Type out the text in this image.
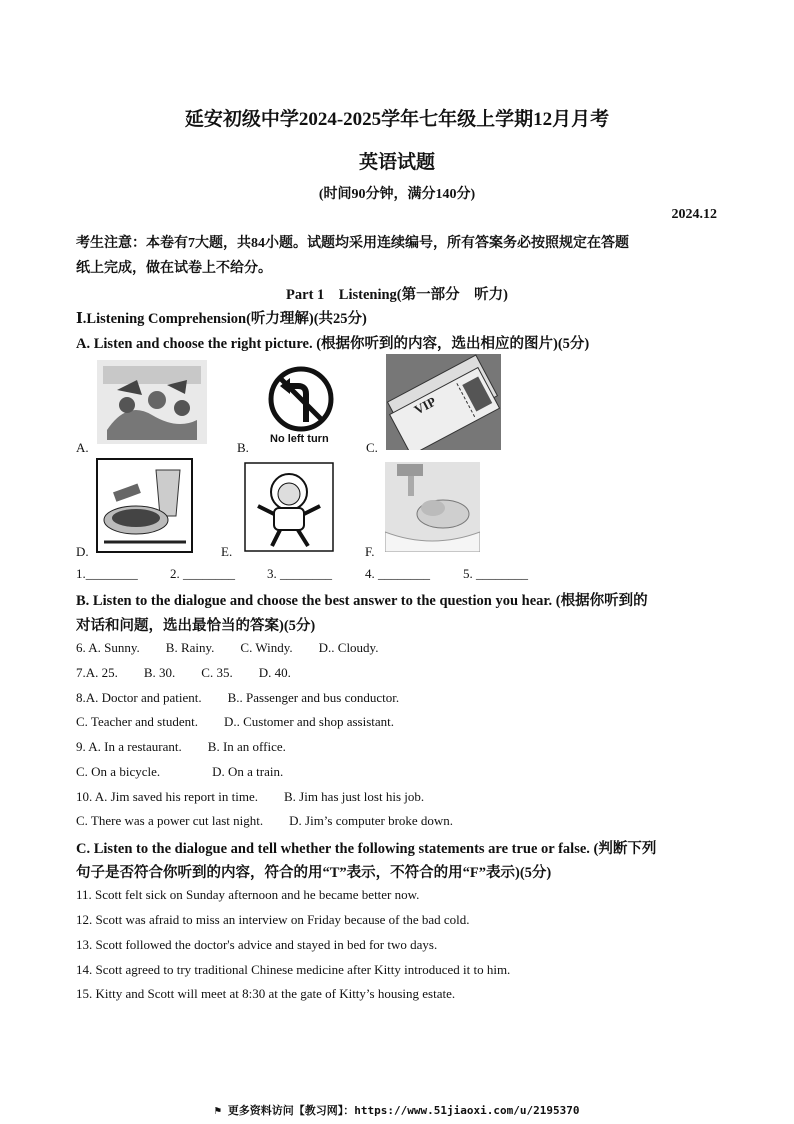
延安初级中学2024-2025学年七年级上学期12月月考
英语试题
(时间90分钟，满分140分)
2024.12
考生注意：本卷有7大题，共84小题。试题均采用连续编号，所有答案务必按照规定在答题
纸上完成，做在试卷上不给分。
Part 1    Listening(第一部分    听力)
Ⅰ.Listening Comprehension(听力理解)(共25分)
A. Listen and choose the right picture. (根据你听到的内容，选出相应的图片)(5分)
A.	B.
No left turn
C.
VIP
D.	E.	F.
1.________ 2. ________ 3. ________	4. ________	5. ________
B. Listen to the dialogue and choose the best answer to the question you hear. (根据你听到的
对话和问题，选出最恰当的答案)(5分)
6. A. Sunny.        B. Rainy.        C. Windy.        D.. Cloudy.
7.A. 25.        B. 30.        C. 35.        D. 40.
8.A. Doctor and patient.        B.. Passenger and bus conductor.
C. Teacher and student.        D.. Customer and shop assistant.
9. A. In a restaurant.        B. In an office.
C. On a bicycle.                D. On a train.
10. A. Jim saved his report in time.        B. Jim has just lost his job.
C. There was a power cut last night.        D. Jim’s computer broke down.
C. Listen to the dialogue and tell whether the following statements are true or false. (判断下列
句子是否符合你听到的内容，符合的用“T”表示，不符合的用“F”表示)(5分)
11. Scott felt sick on Sunday afternoon and he became better now.
12. Scott was afraid to miss an interview on Friday because of the bad cold.
13. Scott followed the doctor's advice and stayed in bed for two days.
14. Scott agreed to try traditional Chinese medicine after Kitty introduced it to him.
15. Kitty and Scott will meet at 8:30 at the gate of Kitty’s housing estate.
⚑ 更多资料访问【教习网】：https://www.51jiaoxi.com/u/2195370
